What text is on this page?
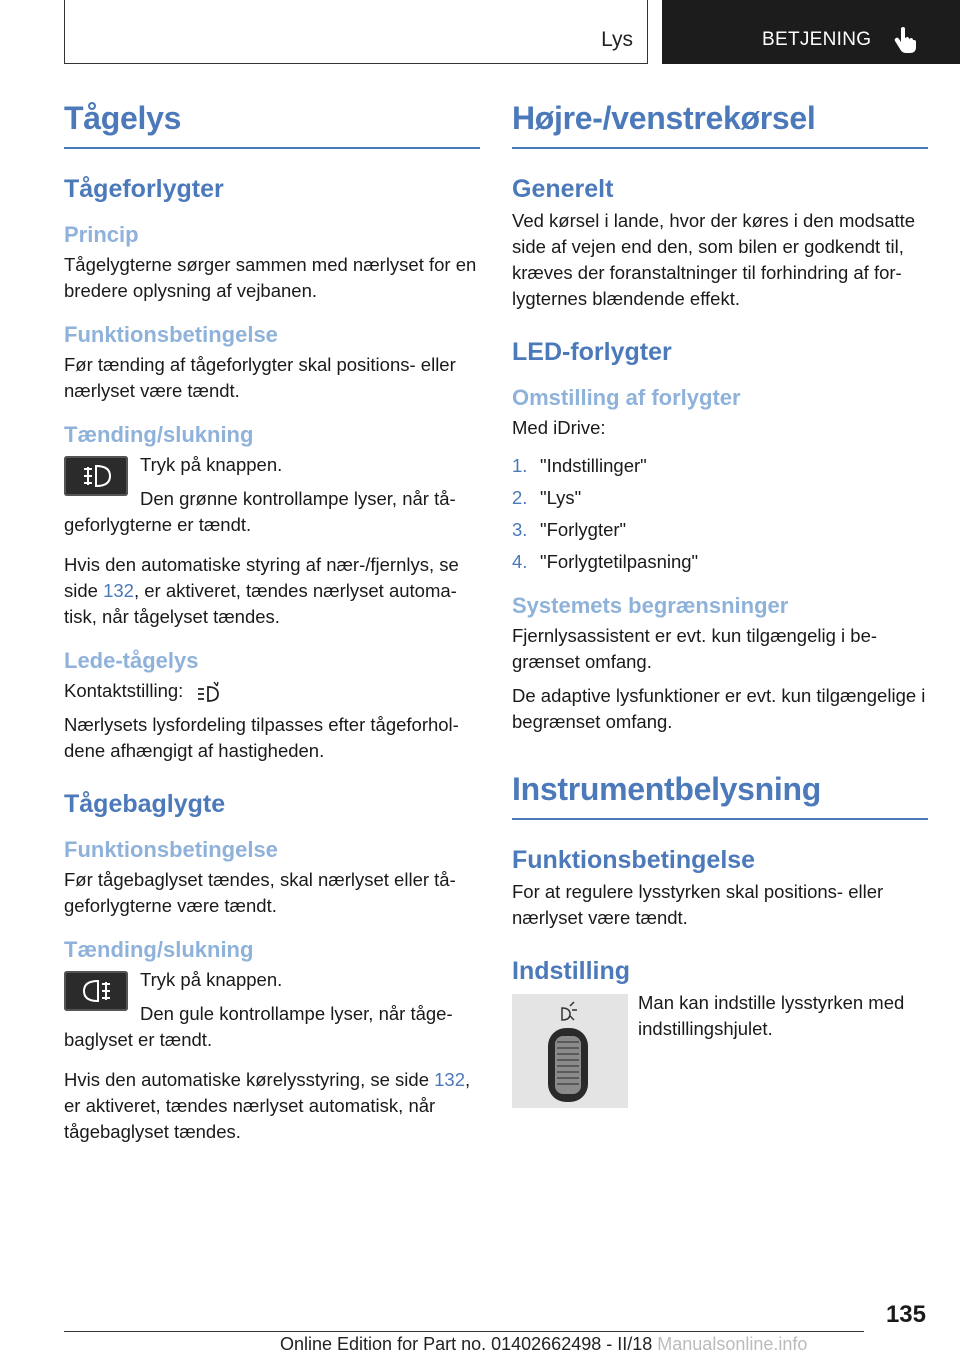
Lys	BETJENING
Tågelys
Tågeforlygter
Princip

Tågelygterne sørger sammen med nærlyset for en bredere oplysning af vejbanen.

Funktionsbetingelse

Før tænding af tågeforlygter skal positions- eller nærlyset være tændt.

Tænding/slukning

Tryk på knappen.

Den grønne kontrollampe lyser, når tå-

geforlygterne er tændt.

Hvis den automatiske styring af nær-/fjernlys, se side 132, er aktiveret, tændes nærlyset automatisk, når tågelyset tændes.

Lede-tågelys

Kontaktstilling:

Nærlysets lysfordeling tilpasses efter tågeforholdene afhængigt af hastigheden.

Tågebaglygte
Funktionsbetingelse

Før tågebaglyset tændes, skal nærlyset eller tågeforlygterne være tændt.

Tænding/slukning

Tryk på knappen.

Den gule kontrollampe lyser, når tåge-

baglyset er tændt.

Hvis den automatiske kørelysstyring, se side 132, er aktiveret, tændes nærlyset automatisk, når tågebaglyset tændes.

Højre-/venstrekørsel
Generelt

Ved kørsel i lande, hvor der køres i den modsatte side af vejen end den, som bilen er godkendt til, kræves der foranstaltninger til forhindring af forlygternes blændende effekt.

LED-forlygter
Omstilling af forlygter

Med iDrive:

1. "Indstillinger"
2. "Lys"
3. "Forlygter"
4. "Forlygtetilpasning"
Systemets begrænsninger

Fjernlysassistent er evt. kun tilgængelig i begrænset omfang.

De adaptive lysfunktioner er evt. kun tilgængelige i begrænset omfang.

Instrumentbelysning
Funktionsbetingelse

For at regulere lysstyrken skal positions- eller nærlyset være tændt.

Indstilling

Man kan indstille lysstyrken med indstillingshjulet.

135
Online Edition for Part no. 01402662498 - II/18 Manualsonline.info
